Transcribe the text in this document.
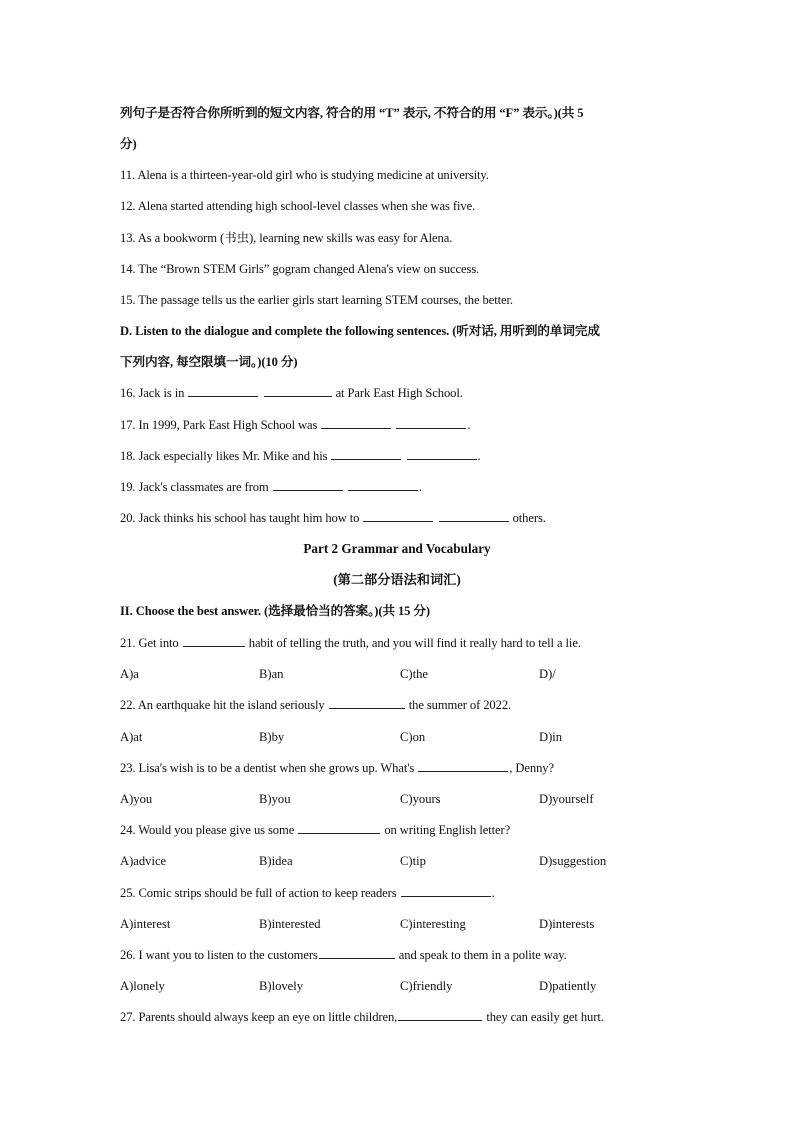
列句子是否符合你所听到的短文内容, 符合的用 “T” 表示, 不符合的用 “F” 表示。)(共 5
分)
11. Alena is a thirteen-year-old girl who is studying medicine at university.
12. Alena started attending high school-level classes when she was five.
13. As a bookworm (书虫), learning new skills was easy for Alena.
14. The “Brown STEM Girls” gogram changed Alena's view on success.
15. The passage tells us the earlier girls start learning STEM courses, the better.
D. Listen to the dialogue and complete the following sentences. (听对话, 用听到的单词完成
下列内容, 每空限填一词。)(10 分)
16. Jack is in	at Park East High School.
17. In 1999, Park East High School was	.
18. Jack especially likes Mr. Mike and his	.
19. Jack's classmates are from	.
20. Jack thinks his school has taught him how to	others.
Part 2 Grammar and Vocabulary
(第二部分语法和词汇)
II. Choose the best answer. (选择最恰当的答案。)(共 15 分)
21. Get into	habit of telling the truth, and you will find it really hard to tell a lie.
A)a	B)an	C)the	D)/
22. An earthquake hit the island seriously	the summer of 2022.
A)at	B)by	C)on	D)in
23. Lisa's wish is to be a dentist when she grows up. What's	, Denny?
A)you	B)you	C)yours	D)yourself
24. Would you please give us some	on writing English letter?
A)advice	B)idea	C)tip	D)suggestion
25. Comic strips should be full of action to keep readers	.
A)interest	B)interested	C)interesting	D)interests
26. I want you to listen to the customers	and speak to them in a polite way.
A)lonely	B)lovely	C)friendly	D)patiently
27. Parents should always keep an eye on little children,	they can easily get hurt.
